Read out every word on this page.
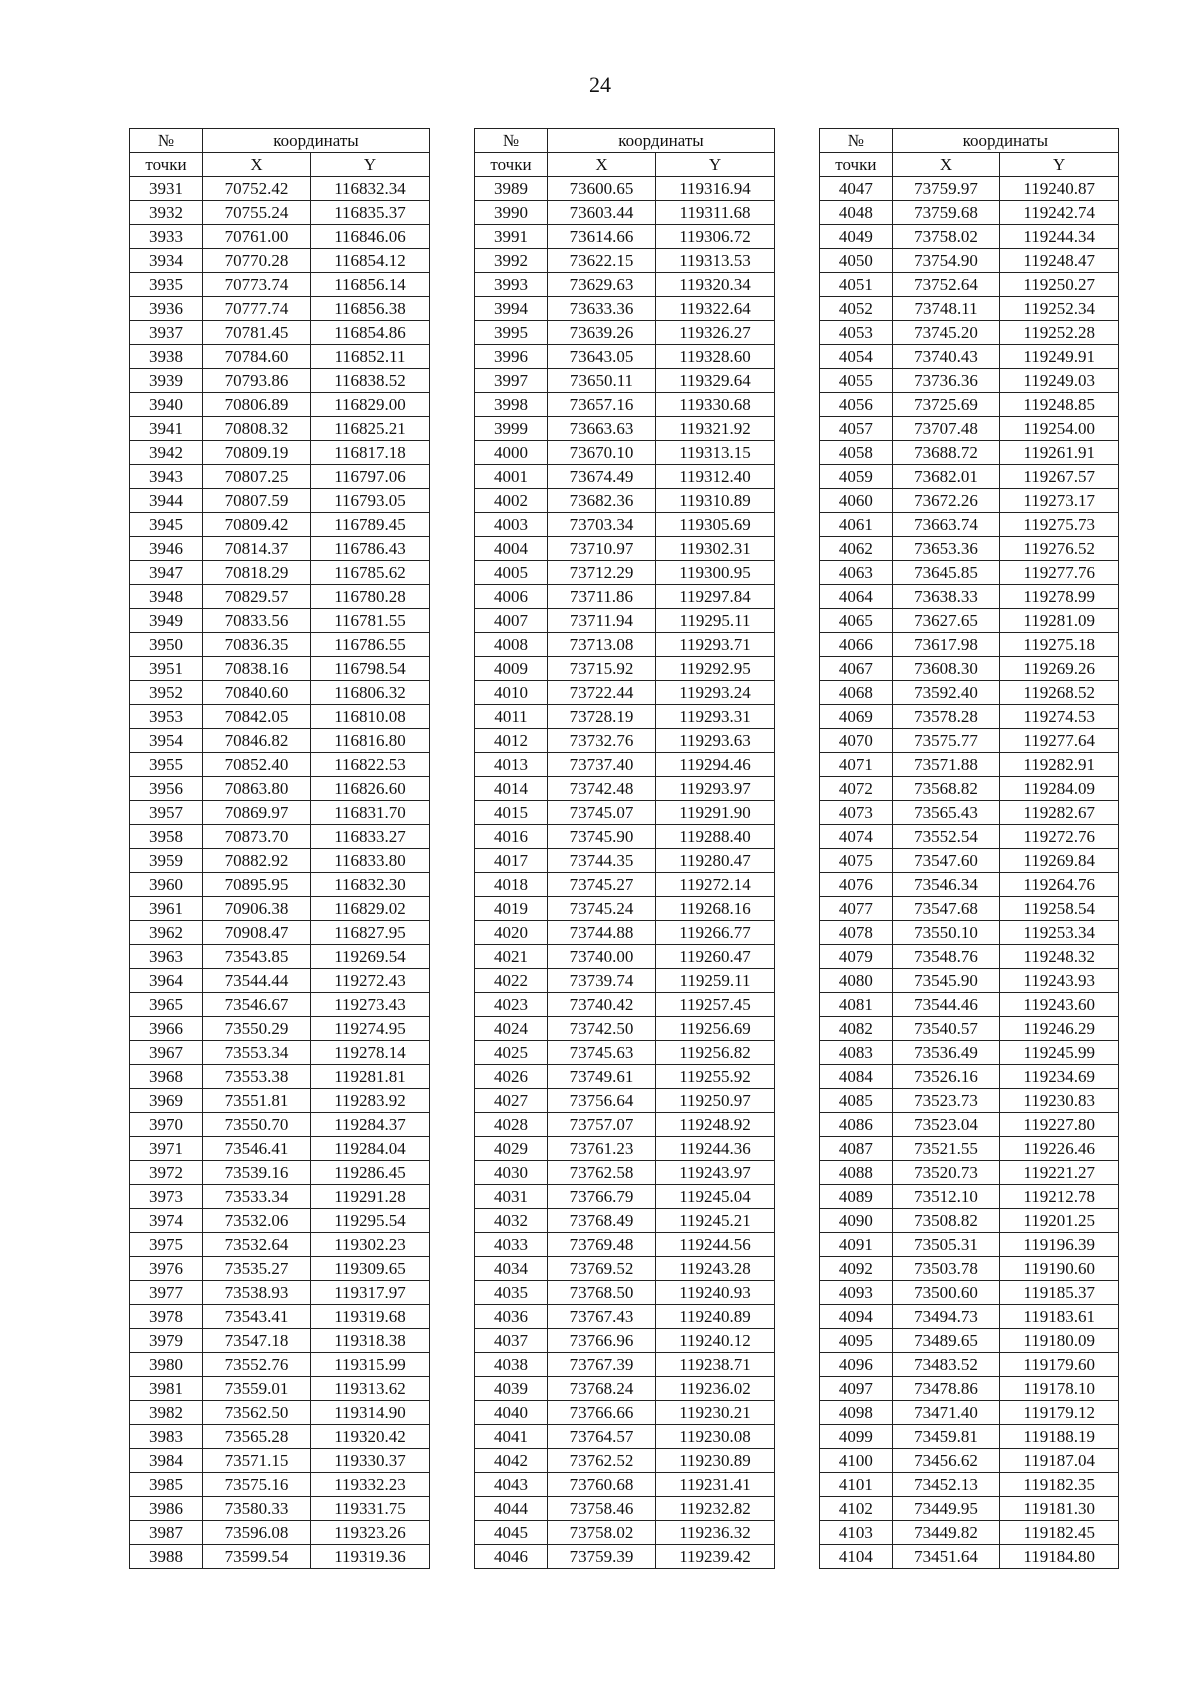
24
№	координаты	
точки	X	Y
3931	70752.42	116832.34
3932	70755.24	116835.37
3933	70761.00	116846.06
3934	70770.28	116854.12
3935	70773.74	116856.14
3936	70777.74	116856.38
3937	70781.45	116854.86
3938	70784.60	116852.11
3939	70793.86	116838.52
3940	70806.89	116829.00
3941	70808.32	116825.21
3942	70809.19	116817.18
3943	70807.25	116797.06
3944	70807.59	116793.05
3945	70809.42	116789.45
3946	70814.37	116786.43
3947	70818.29	116785.62
3948	70829.57	116780.28
3949	70833.56	116781.55
3950	70836.35	116786.55
3951	70838.16	116798.54
3952	70840.60	116806.32
3953	70842.05	116810.08
3954	70846.82	116816.80
3955	70852.40	116822.53
3956	70863.80	116826.60
3957	70869.97	116831.70
3958	70873.70	116833.27
3959	70882.92	116833.80
3960	70895.95	116832.30
3961	70906.38	116829.02
3962	70908.47	116827.95
3963	73543.85	119269.54
3964	73544.44	119272.43
3965	73546.67	119273.43
3966	73550.29	119274.95
3967	73553.34	119278.14
3968	73553.38	119281.81
3969	73551.81	119283.92
3970	73550.70	119284.37
3971	73546.41	119284.04
3972	73539.16	119286.45
3973	73533.34	119291.28
3974	73532.06	119295.54
3975	73532.64	119302.23
3976	73535.27	119309.65
3977	73538.93	119317.97
3978	73543.41	119319.68
3979	73547.18	119318.38
3980	73552.76	119315.99
3981	73559.01	119313.62
3982	73562.50	119314.90
3983	73565.28	119320.42
3984	73571.15	119330.37
3985	73575.16	119332.23
3986	73580.33	119331.75
3987	73596.08	119323.26
3988	73599.54	119319.36
№	координаты	
точки	X	Y
3989	73600.65	119316.94
3990	73603.44	119311.68
3991	73614.66	119306.72
3992	73622.15	119313.53
3993	73629.63	119320.34
3994	73633.36	119322.64
3995	73639.26	119326.27
3996	73643.05	119328.60
3997	73650.11	119329.64
3998	73657.16	119330.68
3999	73663.63	119321.92
4000	73670.10	119313.15
4001	73674.49	119312.40
4002	73682.36	119310.89
4003	73703.34	119305.69
4004	73710.97	119302.31
4005	73712.29	119300.95
4006	73711.86	119297.84
4007	73711.94	119295.11
4008	73713.08	119293.71
4009	73715.92	119292.95
4010	73722.44	119293.24
4011	73728.19	119293.31
4012	73732.76	119293.63
4013	73737.40	119294.46
4014	73742.48	119293.97
4015	73745.07	119291.90
4016	73745.90	119288.40
4017	73744.35	119280.47
4018	73745.27	119272.14
4019	73745.24	119268.16
4020	73744.88	119266.77
4021	73740.00	119260.47
4022	73739.74	119259.11
4023	73740.42	119257.45
4024	73742.50	119256.69
4025	73745.63	119256.82
4026	73749.61	119255.92
4027	73756.64	119250.97
4028	73757.07	119248.92
4029	73761.23	119244.36
4030	73762.58	119243.97
4031	73766.79	119245.04
4032	73768.49	119245.21
4033	73769.48	119244.56
4034	73769.52	119243.28
4035	73768.50	119240.93
4036	73767.43	119240.89
4037	73766.96	119240.12
4038	73767.39	119238.71
4039	73768.24	119236.02
4040	73766.66	119230.21
4041	73764.57	119230.08
4042	73762.52	119230.89
4043	73760.68	119231.41
4044	73758.46	119232.82
4045	73758.02	119236.32
4046	73759.39	119239.42
№	координаты	
точки	X	Y
4047	73759.97	119240.87
4048	73759.68	119242.74
4049	73758.02	119244.34
4050	73754.90	119248.47
4051	73752.64	119250.27
4052	73748.11	119252.34
4053	73745.20	119252.28
4054	73740.43	119249.91
4055	73736.36	119249.03
4056	73725.69	119248.85
4057	73707.48	119254.00
4058	73688.72	119261.91
4059	73682.01	119267.57
4060	73672.26	119273.17
4061	73663.74	119275.73
4062	73653.36	119276.52
4063	73645.85	119277.76
4064	73638.33	119278.99
4065	73627.65	119281.09
4066	73617.98	119275.18
4067	73608.30	119269.26
4068	73592.40	119268.52
4069	73578.28	119274.53
4070	73575.77	119277.64
4071	73571.88	119282.91
4072	73568.82	119284.09
4073	73565.43	119282.67
4074	73552.54	119272.76
4075	73547.60	119269.84
4076	73546.34	119264.76
4077	73547.68	119258.54
4078	73550.10	119253.34
4079	73548.76	119248.32
4080	73545.90	119243.93
4081	73544.46	119243.60
4082	73540.57	119246.29
4083	73536.49	119245.99
4084	73526.16	119234.69
4085	73523.73	119230.83
4086	73523.04	119227.80
4087	73521.55	119226.46
4088	73520.73	119221.27
4089	73512.10	119212.78
4090	73508.82	119201.25
4091	73505.31	119196.39
4092	73503.78	119190.60
4093	73500.60	119185.37
4094	73494.73	119183.61
4095	73489.65	119180.09
4096	73483.52	119179.60
4097	73478.86	119178.10
4098	73471.40	119179.12
4099	73459.81	119188.19
4100	73456.62	119187.04
4101	73452.13	119182.35
4102	73449.95	119181.30
4103	73449.82	119182.45
4104	73451.64	119184.80
